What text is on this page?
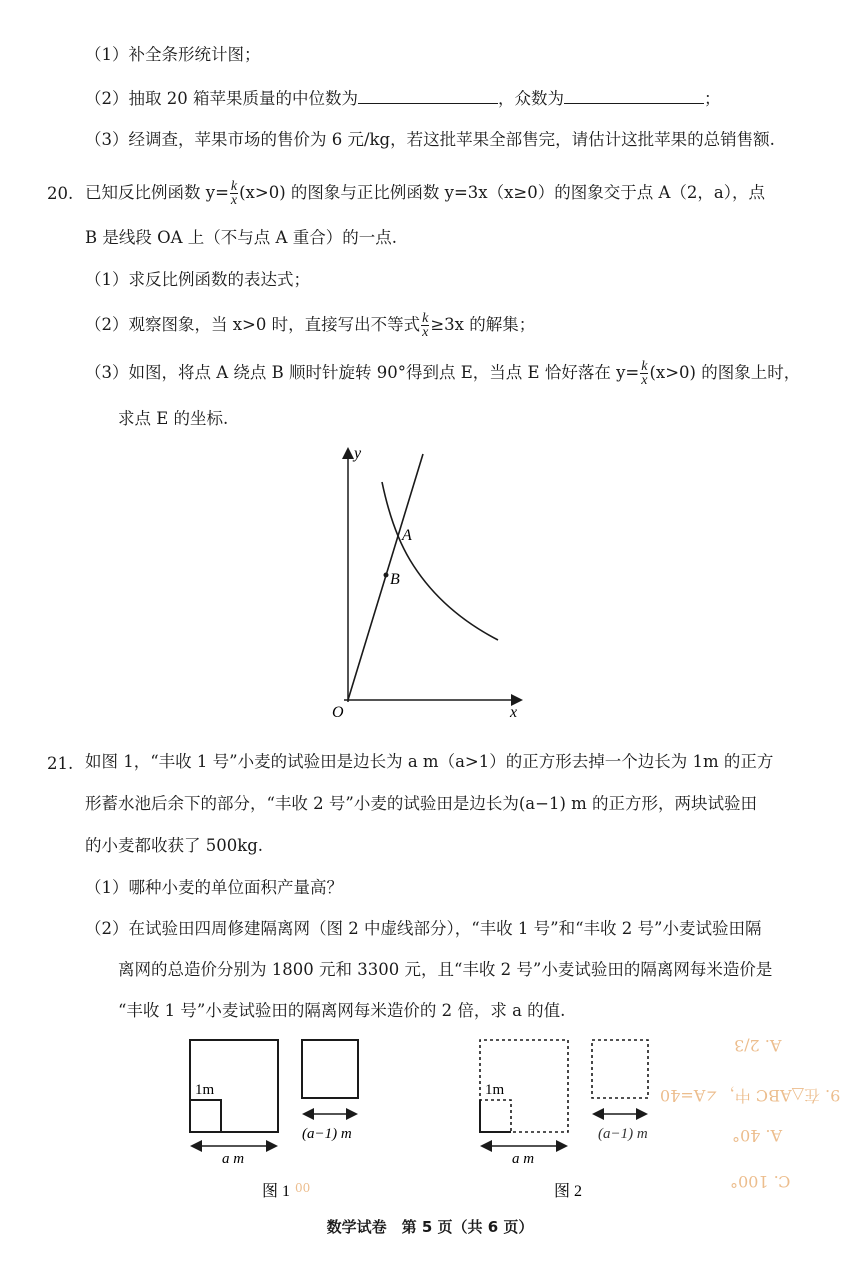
（1）补全条形统计图；
（2）抽取 20 箱苹果质量的中位数为	，众数为	；
（3）经调查，苹果市场的售价为 6 元/kg，若这批苹果全部售完，请估计这批苹果的总销售额.
20. 已知反比例函数 $y= \frac{k}{x} (x>0)$ 的图象与正比例函数 y=3x（x≥0）的图象交于点 A（2，a），点
B 是线段 OA 上（不与点 A 重合）的一点.
（1）求反比例函数的表达式；
（2）观察图象，当 x>0 时，直接写出不等式 $\frac{k}{x} \ge 3x$ 的解集；
（3）如图，将点 A 绕点 B 顺时针旋转 90°得到点 E，当点 E 恰好落在 $y= \frac{k}{x} (x>0)$ 的图象上时，
求点 E 的坐标.
y
x
O
A
B
21. 如图 1，“丰收 1 号”小麦的试验田是边长为 a m（a>1）的正方形去掉一个边长为 1m 的正方
形蓄水池后余下的部分，“丰收 2 号”小麦的试验田是边长为(a−1) m 的正方形，两块试验田
的小麦都收获了 500kg.
（1）哪种小麦的单位面积产量高？
（2）在试验田四周修建隔离网（图 2 中虚线部分），“丰收 1 号”和“丰收 2 号”小麦试验田隔
离网的总造价分别为 1800 元和 3300 元，且“丰收 2 号”小麦试验田的隔离网每米造价是
“丰收 1 号”小麦试验田的隔离网每米造价的 2 倍，求 a 的值.
1m
a m
(a−1) m
图 1
1m
a m
(a−1) m
图 2
A. 2/3
9. 在△ABC 中，∠A=40
A. 40°
C. 100°
00
数学试卷　第 5 页（共 6 页）
